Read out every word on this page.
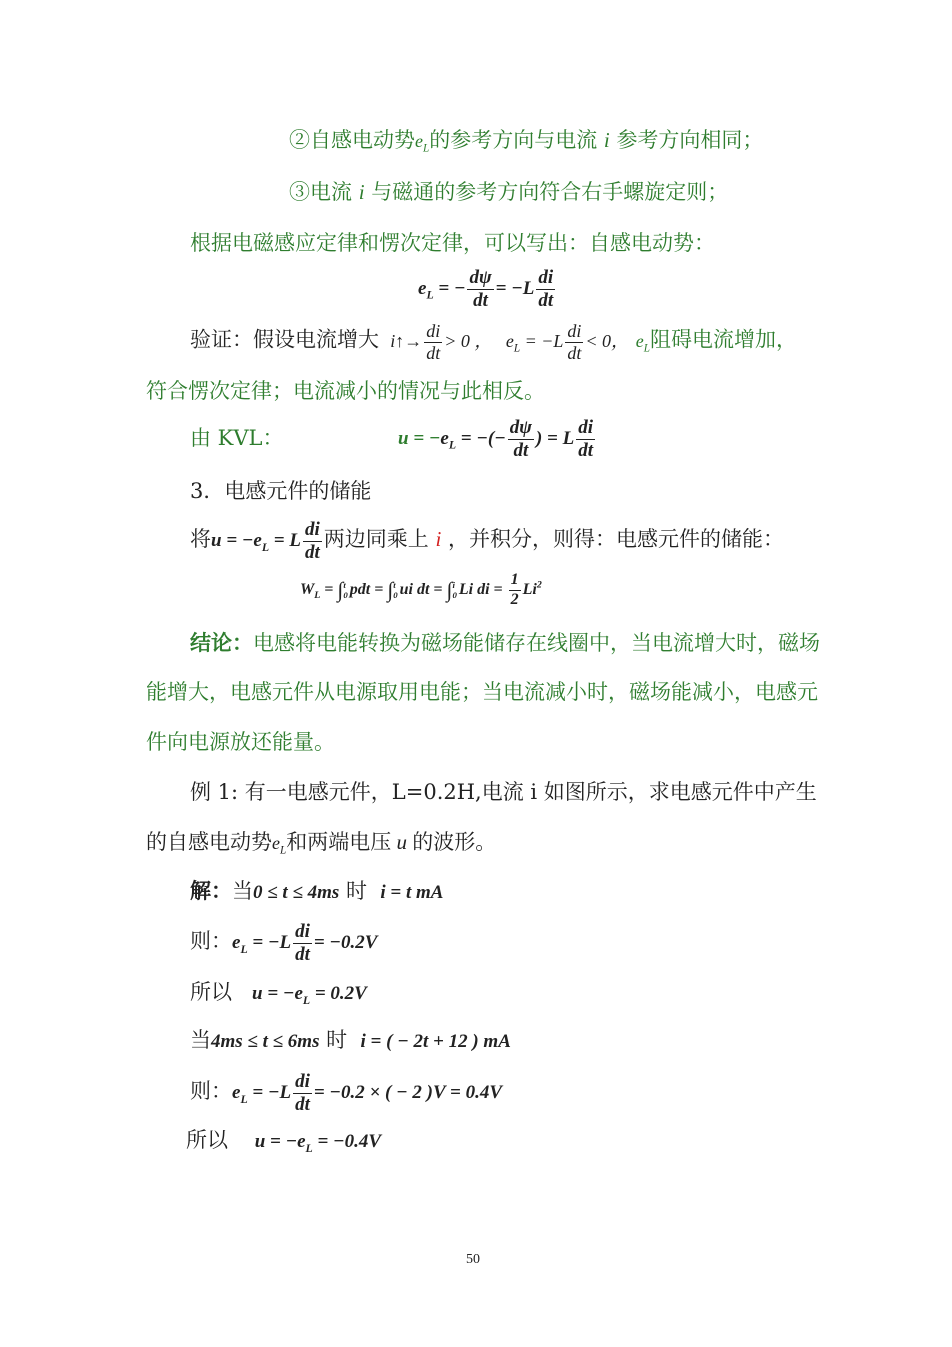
②自感电动势$e_L$的参考方向与电流 i 参考方向相同；
③电流 i 与磁通的参考方向符合右手螺旋定则；
根据电磁感应定律和愣次定律，可以写出：自感电动势：
$e_L$ = − $\frac{d\psi}{dt} = -L \frac{di}{dt}$
验证：假设电流增大  i↑→ $\frac{di}{dt} > 0$ ，   $e_L = -L \frac{di}{dt} < 0$， $e_L$阻碍电流增加，
符合愣次定律；电流减小的情况与此相反。
由 KVL：	$u = -e_L$ = −(− $\frac{d\psi}{dt}$ ) = L $\frac{di}{dt}$
3．电感元件的储能
将$u = -e_L = L \frac{di}{dt}$ 两边同乘上 i ，并积分，则得：电感元件的储能：
$W_L$ = ∫ t
0 pdt = ∫ t
0 ui dt = ∫ i
0 Li di = $\frac{1}{2} Li^2$
结论：电感将电能转换为磁场能储存在线圈中，当电流增大时，磁场
能增大，电感元件从电源取用电能；当电流减小时，磁场能减小，电感元
件向电源放还能量。
例 1: 有一电感元件，L=0.2H,电流 i 如图所示，求电感元件中产生
的自感电动势$e_L$和两端电压 u 的波形。
解：当0 ≤ t ≤ 4ms 时 i = t mA
则：$e_L = -L \frac{di}{dt} = -0.2V$
所以 $u = -e_L = 0.2V$
当4ms ≤ t ≤ 6ms 时 i = ( − 2t + 12 ) mA
则：$e_L = -L \frac{di}{dt} = -0.2$ × ( − 2 )V = 0.4V
所以 $u = -e_L = -0.4V$
50
